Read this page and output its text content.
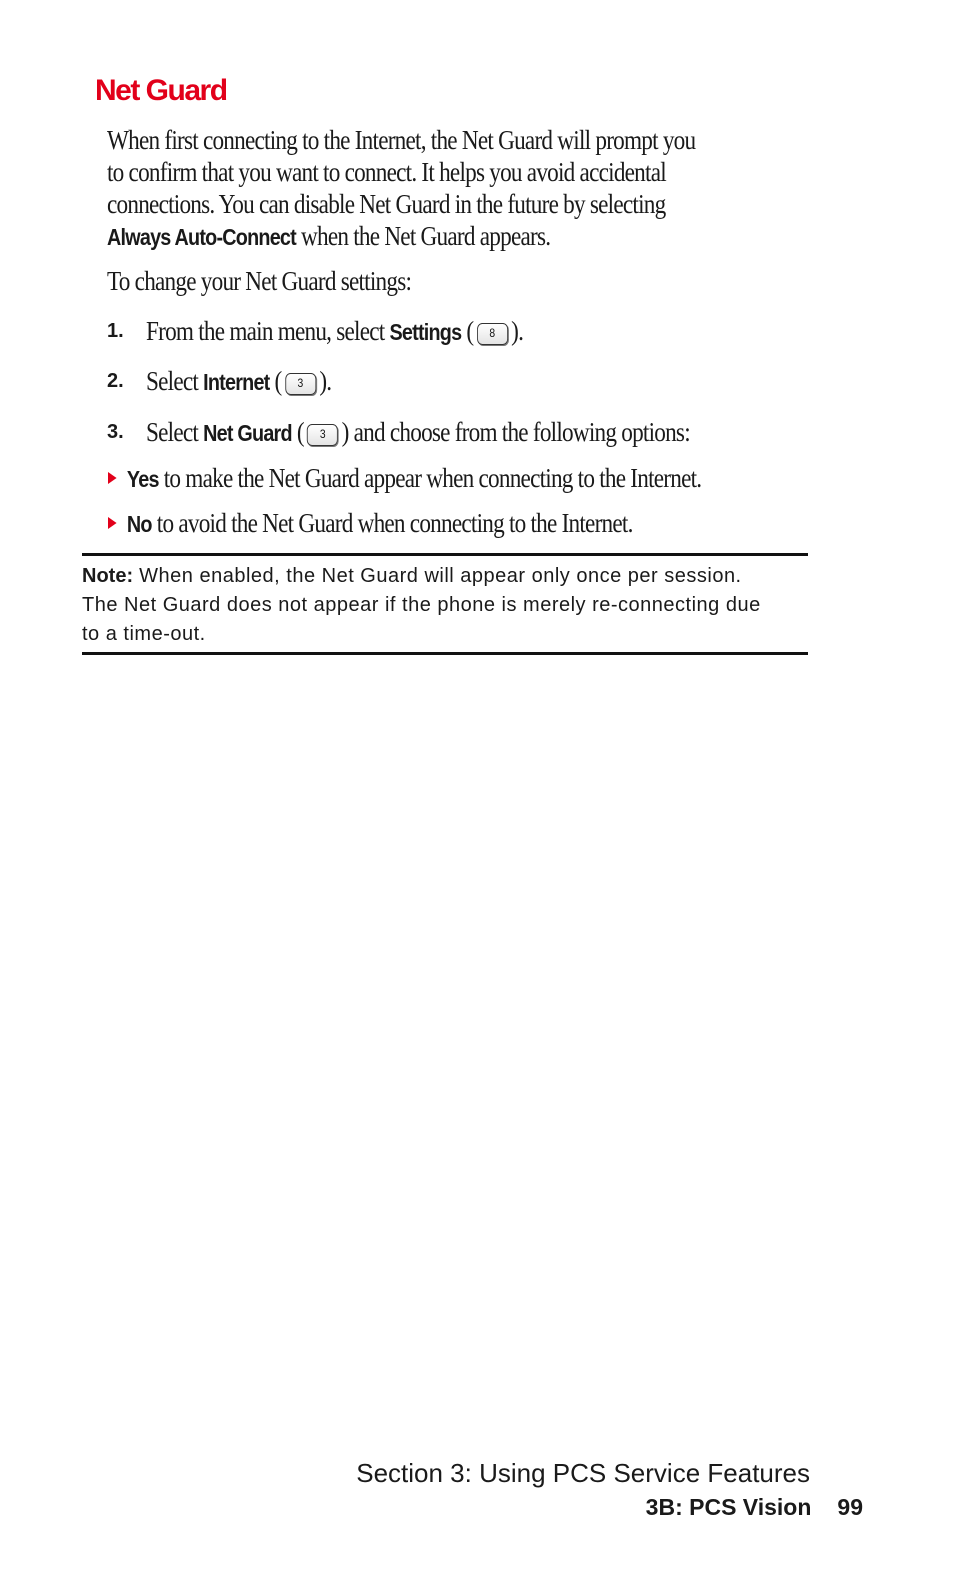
Net Guard
When first connecting to the Internet, the Net Guard will prompt you
to confirm that you want to connect. It helps you avoid accidental
connections. You can disable Net Guard in the future by selecting
Always Auto-Connect when the Net Guard appears.
To change your Net Guard settings:
1. From the main menu, select Settings ( 8 ).
2. Select Internet ( 3 ).
3. Select Net Guard ( 3 ) and choose from the following options:
Yes to make the Net Guard appear when connecting to the Internet.
No to avoid the Net Guard when connecting to the Internet.
Note: When enabled, the Net Guard will appear only once per session.
The Net Guard does not appear if the phone is merely re-connecting due
to a time-out.
Section 3: Using PCS Service Features
3B: PCS Vision 99
